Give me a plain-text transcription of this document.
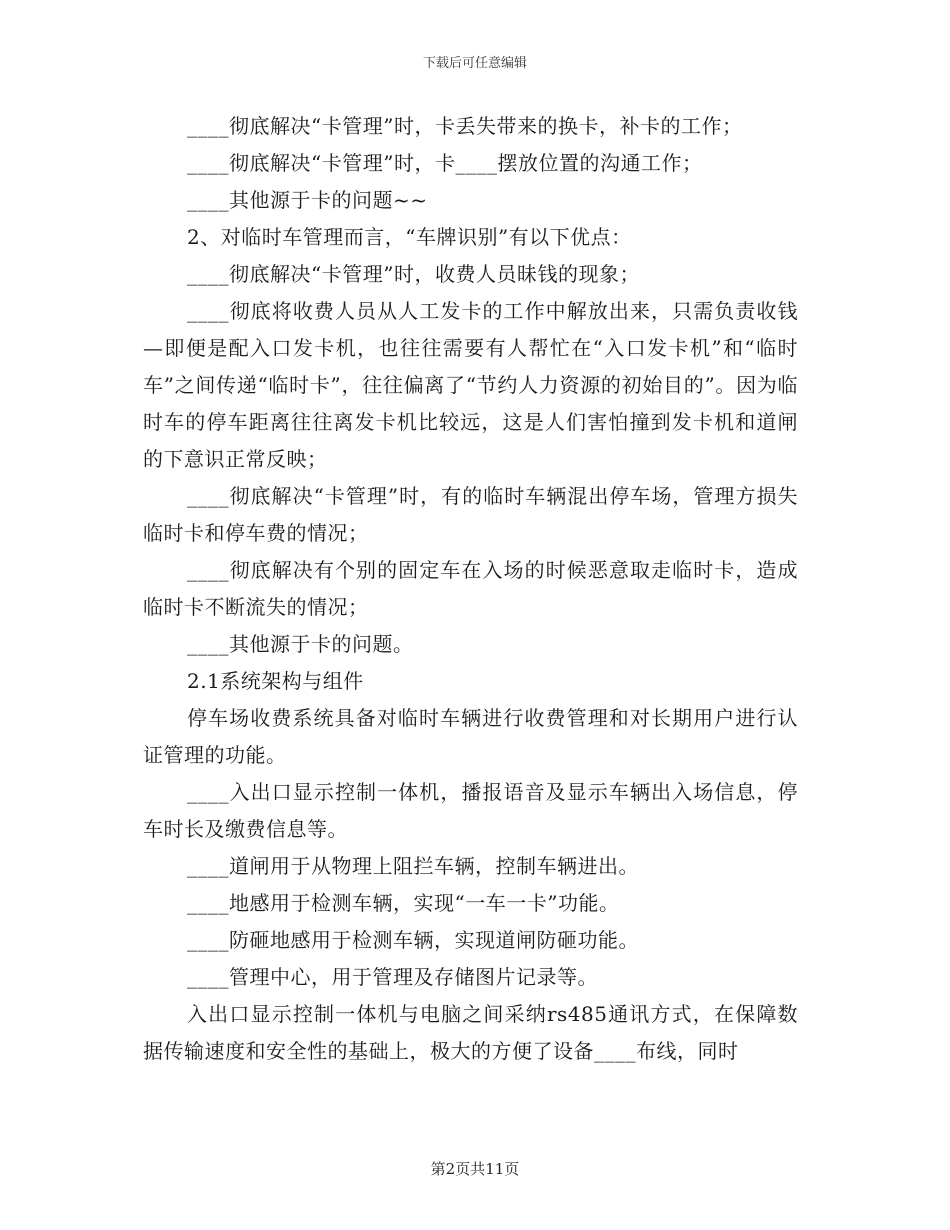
下载后可任意编辑

____彻底解决“卡管理”时，卡丢失带来的换卡，补卡的工作；

____彻底解决“卡管理”时，卡____摆放位置的沟通工作；

____其他源于卡的问题~~

2、对临时车管理而言，“车牌识别”有以下优点：

____彻底解决“卡管理”时，收费人员昧钱的现象；

____彻底将收费人员从人工发卡的工作中解放出来，只需负责收钱—即便是配入口发卡机，也往往需要有人帮忙在“入口发卡机”和“临时车”之间传递“临时卡”，往往偏离了“节约人力资源的初始目的”。因为临时车的停车距离往往离发卡机比较远，这是人们害怕撞到发卡机和道闸的下意识正常反映；

____彻底解决“卡管理”时，有的临时车辆混出停车场，管理方损失临时卡和停车费的情况；

____彻底解决有个别的固定车在入场的时候恶意取走临时卡，造成临时卡不断流失的情况；

____其他源于卡的问题。

2.1系统架构与组件

停车场收费系统具备对临时车辆进行收费管理和对长期用户进行认证管理的功能。

____入出口显示控制一体机，播报语音及显示车辆出入场信息，停车时长及缴费信息等。

____道闸用于从物理上阻拦车辆，控制车辆进出。

____地感用于检测车辆，实现“一车一卡”功能。

____防砸地感用于检测车辆，实现道闸防砸功能。

____管理中心，用于管理及存储图片记录等。

入出口显示控制一体机与电脑之间采纳rs485通讯方式，在保障数据传输速度和安全性的基础上，极大的方便了设备____布线，同时

第2页共11页
